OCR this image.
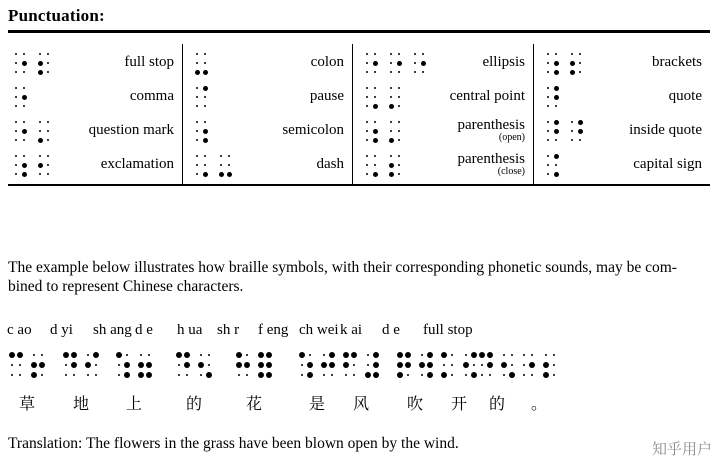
Punctuation:
full stop
comma
question mark
exclamation
colon
pause
semicolon
dash
ellipsis
central point
parenthesis
(open)
parenthesis
(close)
brackets
quote
inside quote
capital sign
The example below illustrates how braille symbols, with their corresponding phonetic sounds, may be com-
bined to represent Chinese characters.
c ao
草
d yi
地
sh ang
上
d e
的
h ua
花
sh r
是
f eng
风
ch wei
吹
k ai
开
d e
的
full stop
。
Translation: The flowers in the grass have been blown open by the wind.	知乎用户
